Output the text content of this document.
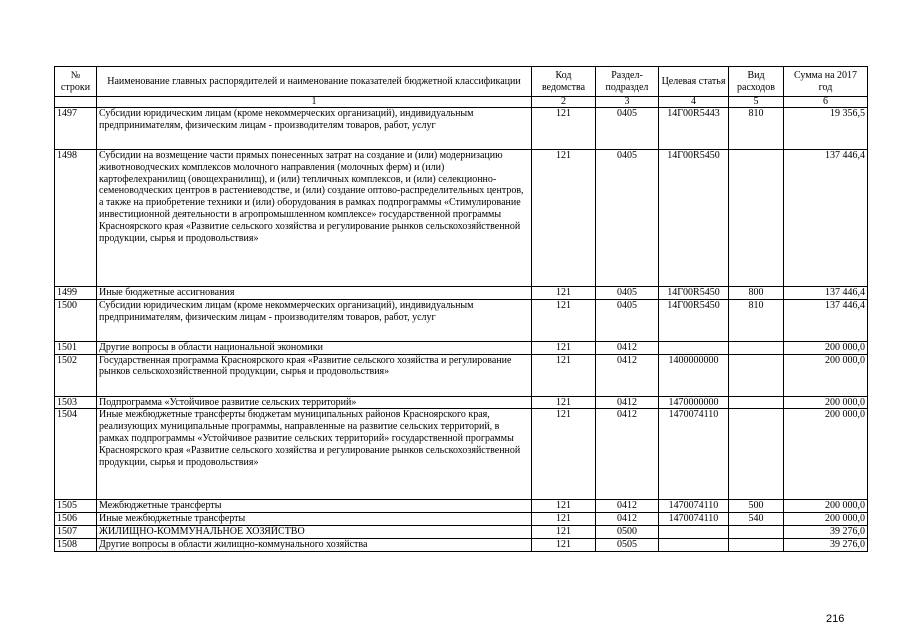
№ строки	Наименование главных распорядителей и наименование показателей бюджетной классификации	Код ведомства	Раздел-подраздел	Целевая статья	Вид расходов	Сумма на 2017 год
	1	2	3	4	5	6
1497	Субсидии юридическим лицам (кроме некоммерческих организаций), индивидуальным предпринимателям, физическим лицам - производителям товаров, работ, услуг	121	0405	14Г00R5443	810	19 356,5
1498	Субсидии на возмещение части прямых понесенных затрат на создание и (или) модернизацию животноводческих комплексов молочного направления (молочных ферм) и (или) картофелехранилищ (овощехранилищ), и (или) тепличных комплексов, и (или) селекционно-семеноводческих центров в растениеводстве, и (или) создание оптово-распределительных центров, а также на приобретение техники и (или) оборудования в рамках подпрограммы «Стимулирование инвестиционной деятельности в агропромышленном комплексе» государственной программы Красноярского края «Развитие сельского хозяйства и регулирование рынков сельскохозяйственной продукции, сырья и продовольствия»	121	0405	14Г00R5450		137 446,4
1499	Иные бюджетные ассигнования	121	0405	14Г00R5450	800	137 446,4
1500	Субсидии юридическим лицам (кроме некоммерческих организаций), индивидуальным предпринимателям, физическим лицам - производителям товаров, работ, услуг	121	0405	14Г00R5450	810	137 446,4
1501	Другие вопросы в области национальной экономики	121	0412			200 000,0
1502	Государственная программа Красноярского края «Развитие сельского хозяйства и регулирование рынков сельскохозяйственной продукции, сырья и продовольствия»	121	0412	1400000000		200 000,0
1503	Подпрограмма «Устойчивое развитие сельских территорий»	121	0412	1470000000		200 000,0
1504	Иные межбюджетные трансферты бюджетам муниципальных районов Красноярского края, реализующих муниципальные программы, направленные на развитие сельских территорий, в рамках подпрограммы «Устойчивое развитие сельских территорий» государственной программы Красноярского края «Развитие сельского хозяйства и регулирование рынков сельскохозяйственной продукции, сырья и продовольствия»	121	0412	1470074110		200 000,0
1505	Межбюджетные трансферты	121	0412	1470074110	500	200 000,0
1506	Иные межбюджетные трансферты	121	0412	1470074110	540	200 000,0
1507	ЖИЛИЩНО-КОММУНАЛЬНОЕ ХОЗЯЙСТВО	121	0500			39 276,0
1508	Другие вопросы в области жилищно-коммунального хозяйства	121	0505			39 276,0
216
